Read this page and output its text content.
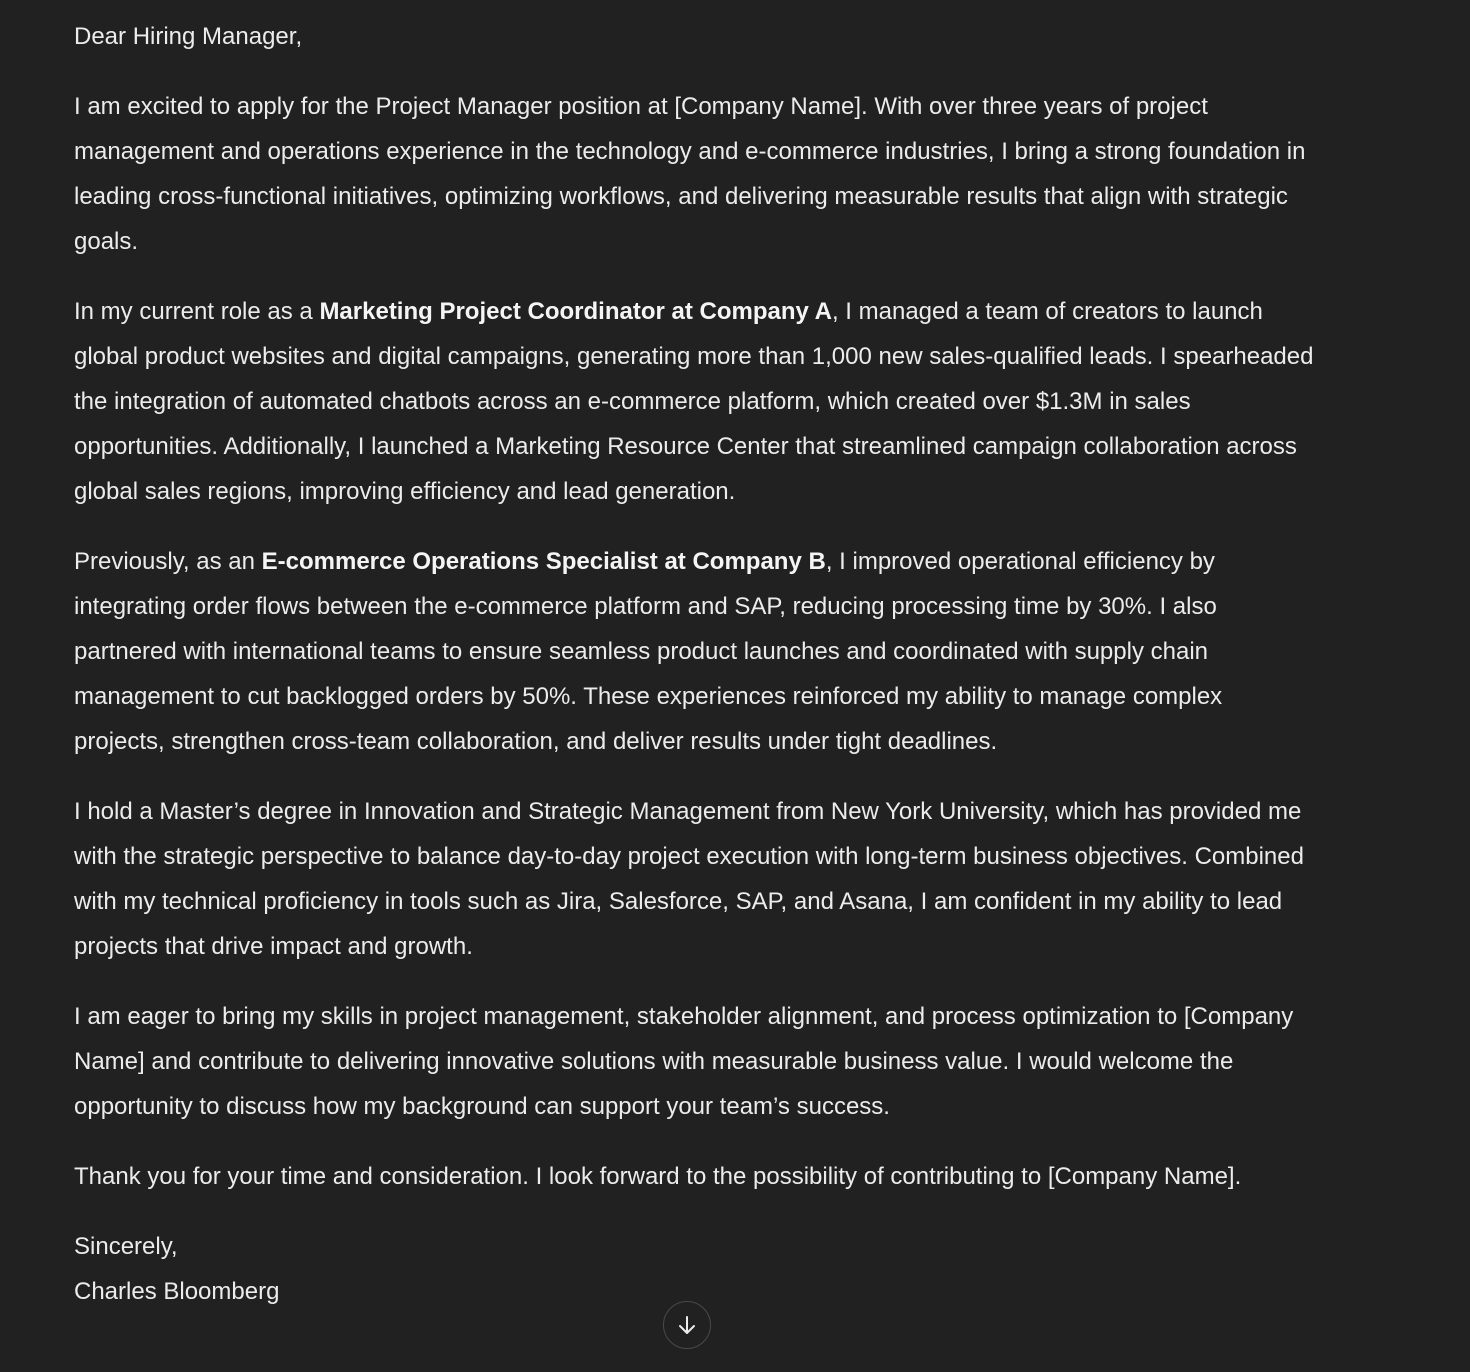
Dear Hiring Manager,

I am excited to apply for the Project Manager position at [Company Name]. With over three years of project management and operations experience in the technology and e-commerce industries, I bring a strong foundation in leading cross-functional initiatives, optimizing workflows, and delivering measurable results that align with strategic goals.

In my current role as a Marketing Project Coordinator at Company A, I managed a team of creators to launch global product websites and digital campaigns, generating more than 1,000 new sales-qualified leads. I spearheaded the integration of automated chatbots across an e-commerce platform, which created over $1.3M in sales opportunities. Additionally, I launched a Marketing Resource Center that streamlined campaign collaboration across global sales regions, improving efficiency and lead generation.

Previously, as an E-commerce Operations Specialist at Company B, I improved operational efficiency by integrating order flows between the e-commerce platform and SAP, reducing processing time by 30%. I also partnered with international teams to ensure seamless product launches and coordinated with supply chain management to cut backlogged orders by 50%. These experiences reinforced my ability to manage complex projects, strengthen cross-team collaboration, and deliver results under tight deadlines.

I hold a Master’s degree in Innovation and Strategic Management from New York University, which has provided me with the strategic perspective to balance day-to-day project execution with long-term business objectives. Combined with my technical proficiency in tools such as Jira, Salesforce, SAP, and Asana, I am confident in my ability to lead projects that drive impact and growth.

I am eager to bring my skills in project management, stakeholder alignment, and process optimization to [Company Name] and contribute to delivering innovative solutions with measurable business value. I would welcome the opportunity to discuss how my background can support your team’s success.

Thank you for your time and consideration. I look forward to the possibility of contributing to [Company Name].

Sincerely,
Charles Bloomberg
